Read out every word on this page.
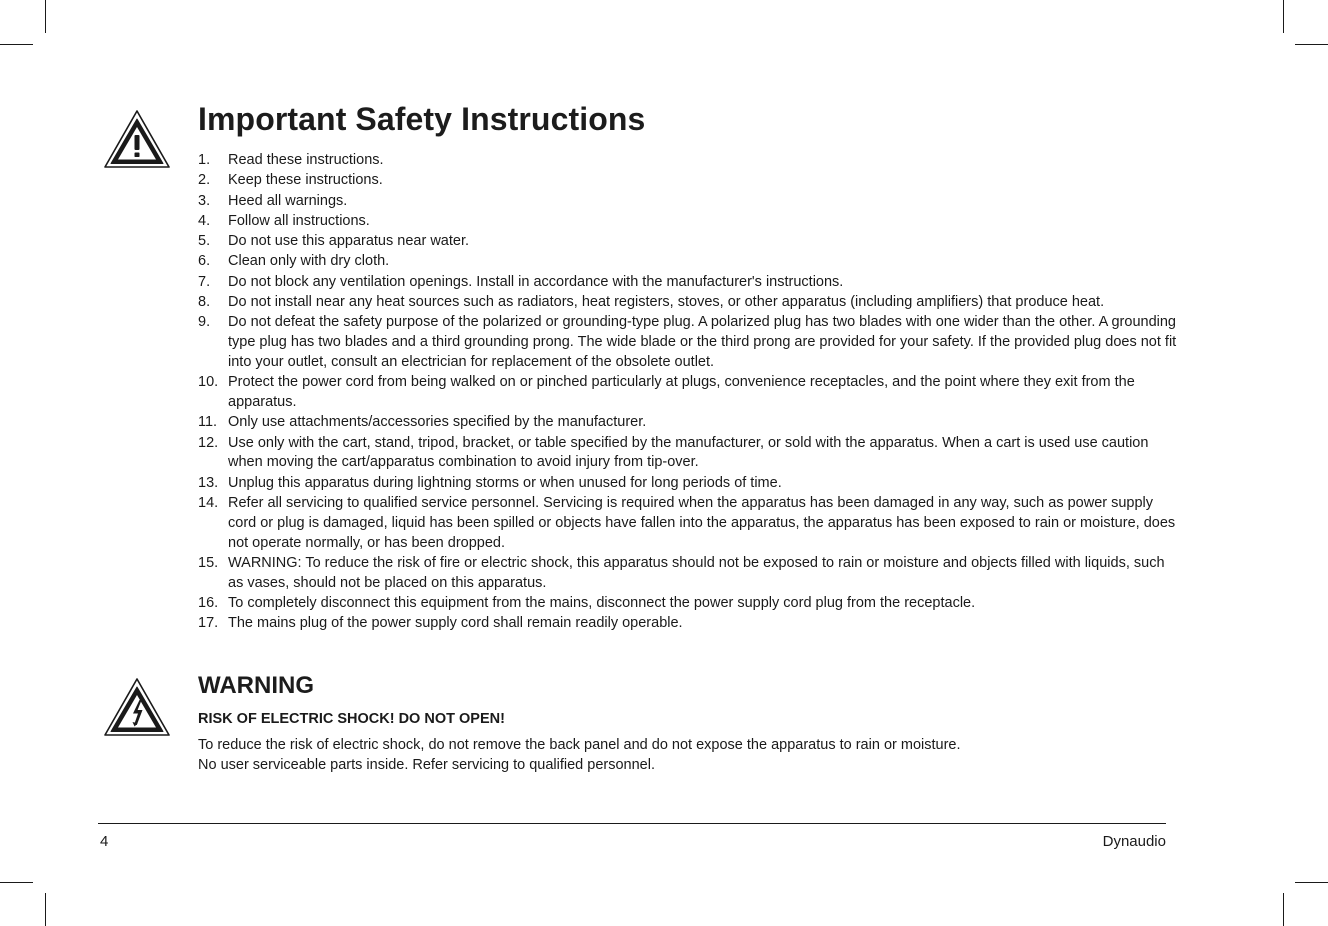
Important Safety Instructions
1.	Read these instructions.
2.	Keep these instructions.
3.	Heed all warnings.
4.	Follow all instructions.
5.	Do not use this apparatus near water.
6.	Clean only with dry cloth.
7.	Do not block any ventilation openings. Install in accordance with the manufacturer's instructions.
8.	Do not install near any heat sources such as radiators, heat registers, stoves, or other apparatus (including amplifiers) that produce heat.
9.	Do not defeat the safety purpose of the polarized or grounding-type plug. A polarized plug has two blades with one wider than the other. A grounding type plug has two blades and a third grounding prong. The wide blade or the third prong are provided for your safety. If the provided plug does not fit into your outlet, consult an electrician for replacement of the obsolete outlet.
10. Protect the power cord from being walked on or pinched particularly at plugs, convenience receptacles, and the point where they exit from the apparatus.
11. Only use attachments/accessories specified by the manufacturer.
12. Use only with the cart, stand, tripod, bracket, or table specified by the manufacturer, or sold with the apparatus. When a cart is used use caution when moving the cart/apparatus combination to avoid injury from tip-over.
13. Unplug this apparatus during lightning storms or when unused for long periods of time.
14. Refer all servicing to qualified service personnel. Servicing is required when the apparatus has been damaged in any way, such as power supply cord or plug is damaged, liquid has been spilled or objects have fallen into the apparatus, the apparatus has been exposed to rain or moisture, does not operate normally, or has been dropped.
15. WARNING: To reduce the risk of fire or electric shock, this apparatus should not be exposed to rain or moisture and objects filled with liquids, such as vases, should not be placed on this apparatus.
16. To completely disconnect this equipment from the mains, disconnect the power supply cord plug from the receptacle.
17. The mains plug of the power supply cord shall remain readily operable.
WARNING

RISK OF ELECTRIC SHOCK! DO NOT OPEN!

To reduce the risk of electric shock, do not remove the back panel and do not expose the apparatus to rain or moisture.
No user serviceable parts inside. Refer servicing to qualified personnel.

4	Dynaudio
